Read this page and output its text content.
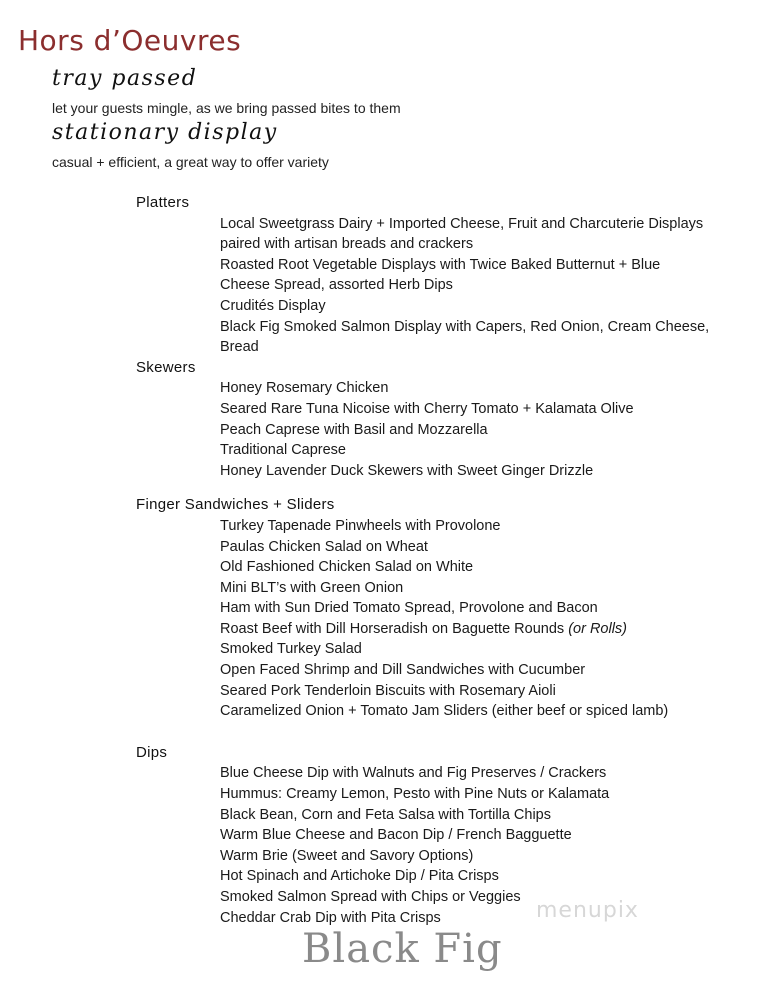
Hors d’Oeuvres
tray passed
let your guests mingle, as we bring passed bites to them
stationary display
casual + efficient, a great way to offer variety
Platters
Local Sweetgrass Dairy + Imported Cheese, Fruit and Charcuterie Displays
paired with artisan breads and crackers
Roasted Root Vegetable Displays with Twice Baked Butternut + Blue
Cheese Spread, assorted Herb Dips
Crudités Display
Black Fig Smoked Salmon Display with Capers, Red Onion, Cream Cheese,
Bread
Skewers
Honey Rosemary Chicken
Seared Rare Tuna Nicoise with Cherry Tomato + Kalamata Olive
Peach Caprese with Basil and Mozzarella
Traditional Caprese
Honey Lavender Duck Skewers with Sweet Ginger Drizzle
Finger Sandwiches + Sliders
Turkey Tapenade Pinwheels with Provolone
Paulas Chicken Salad on Wheat
Old Fashioned Chicken Salad on White
Mini BLT’s with Green Onion
Ham with Sun Dried Tomato Spread, Provolone and Bacon
Roast Beef with Dill Horseradish on Baguette Rounds (or Rolls)
Smoked Turkey Salad
Open Faced Shrimp and Dill Sandwiches with Cucumber
Seared Pork Tenderloin Biscuits with Rosemary Aioli
Caramelized Onion + Tomato Jam Sliders (either beef or spiced lamb)
Dips
Blue Cheese Dip with Walnuts and Fig Preserves / Crackers
Hummus: Creamy Lemon, Pesto with Pine Nuts or Kalamata
Black Bean, Corn and Feta Salsa with Tortilla Chips
Warm Blue Cheese and Bacon Dip / French Bagguette
Warm Brie (Sweet and Savory Options)
Hot Spinach and Artichoke Dip / Pita Crisps
Smoked Salmon Spread with Chips or Veggies
Cheddar Crab Dip with Pita Crisps	menupix
Black Fig
